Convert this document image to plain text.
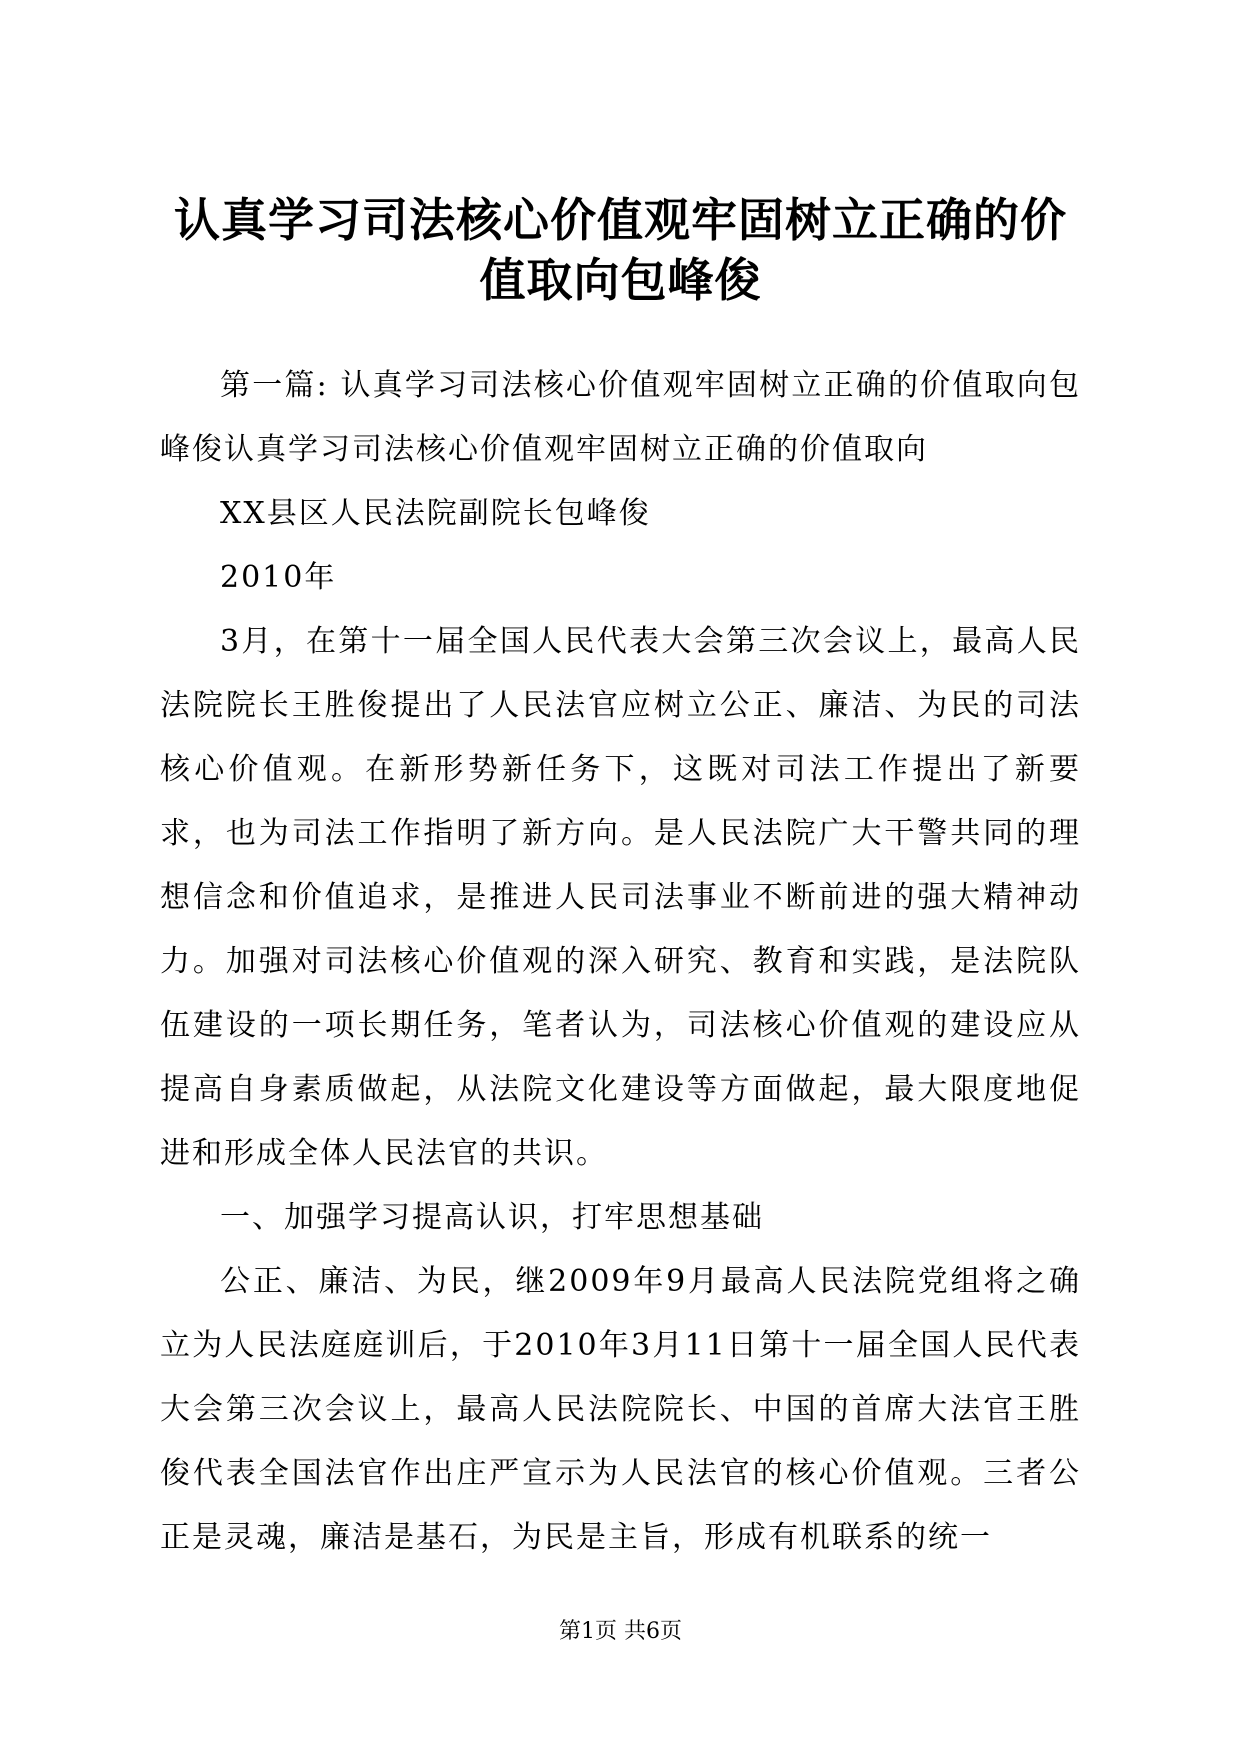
认真学习司法核心价值观牢固树立正确的价值取向包峰俊

第一篇: 认真学习司法核心价值观牢固树立正确的价值取向包峰俊认真学习司法核心价值观牢固树立正确的价值取向

XX县区人民法院副院长包峰俊

2010年

3月，在第十一届全国人民代表大会第三次会议上，最高人民法院院长王胜俊提出了人民法官应树立公正、廉洁、为民的司法核心价值观。在新形势新任务下，这既对司法工作提出了新要求，也为司法工作指明了新方向。是人民法院广大干警共同的理想信念和价值追求，是推进人民司法事业不断前进的强大精神动力。加强对司法核心价值观的深入研究、教育和实践，是法院队伍建设的一项长期任务，笔者认为，司法核心价值观的建设应从提高自身素质做起，从法院文化建设等方面做起，最大限度地促进和形成全体人民法官的共识。

一、加强学习提高认识，打牢思想基础

公正、廉洁、为民，继2009年9月最高人民法院党组将之确立为人民法庭庭训后，于2010年3月11日第十一届全国人民代表大会第三次会议上，最高人民法院院长、中国的首席大法官王胜俊代表全国法官作出庄严宣示为人民法官的核心价值观。三者公正是灵魂，廉洁是基石，为民是主旨，形成有机联系的统一

第1页 共6页
